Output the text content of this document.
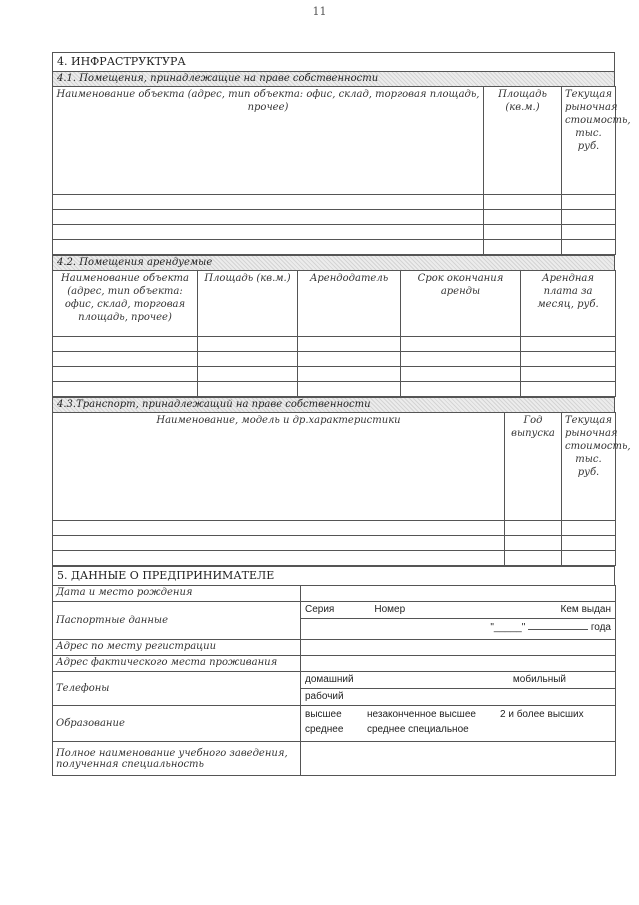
11
4. ИНФРАСТРУКТУРА
4.1. Помещения, принадлежащие на праве собственности
Наименование объекта (адрес, тип объекта: офис, склад, торговая площадь, прочее)	Площадь (кв.м.)	Текущая рыночная стоимость, тыс. руб.

4.2. Помещения арендуемые
Наименование объекта (адрес, тип объекта: офис, склад, торговая площадь, прочее)	Площадь (кв.м.)	Арендодатель	Срок окончания аренды	Арендная плата за месяц, руб.

4.3.Транспорт, принадлежащий на праве собственности
Наименование, модель и др.характеристики	Год выпуска	Текущая рыночная стоимость, тыс. руб.

5. ДАННЫЕ О ПРЕДПРИНИМАТЕЛЕ
Дата и место рождения	
Паспортные данные	Серия Номер Кем выдан
"_____" года

Адрес по месту регистрации	
Адрес фактического места проживания	
Телефоны	домашний мобильный
рабочий

Образование	высшее незаконченное высшее 2 и более высших
среднее среднее специальное

Полное наименование учебного заведения, полученная специальность	
